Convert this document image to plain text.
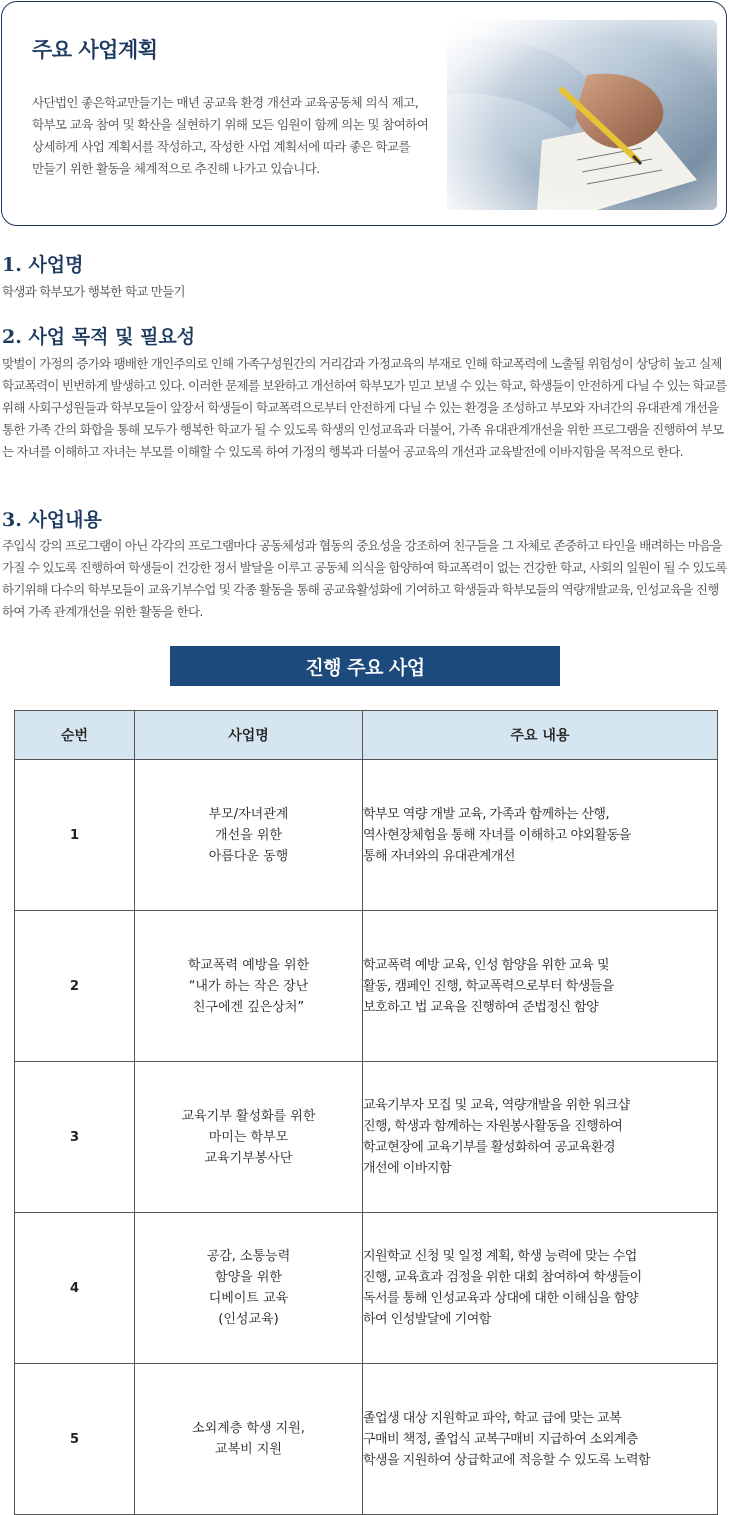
주요 사업계획

사단법인 좋은학교만들기는 매년 공교육 환경 개선과 교육공동체 의식 제고, 학부모 교육 참여 및 확산을 실현하기 위해 모든 임원이 함께 의논 및 참여하여 상세하게 사업 계획서를 작성하고, 작성한 사업 계획서에 따라 좋은 학교를 만들기 위한 활동을 체계적으로 추진해 나가고 있습니다.

1. 사업명

학생과 학부모가 행복한 학교 만들기

2. 사업 목적 및 필요성

맞벌이 가정의 증가와 팽배한 개인주의로 인해 가족구성원간의 거리감과 가정교육의 부재로 인해 학교폭력에 노출될 위험성이 상당히 높고 실제 학교폭력이 빈번하게 발생하고 있다. 이러한 문제를 보완하고 개선하여 학부모가 믿고 보낼 수 있는 학교, 학생들이 안전하게 다닐 수 있는 학교를 위해 사회구성원들과 학부모들이 앞장서 학생들이 학교폭력으로부터 안전하게 다닐 수 있는 환경을 조성하고 부모와 자녀간의 유대관계 개선을 통한 가족 간의 화합을 통해 모두가 행복한 학교가 될 수 있도록 학생의 인성교육과 더불어, 가족 유대관계개선을 위한 프로그램을 진행하여 부모는 자녀를 이해하고 자녀는 부모를 이해할 수 있도록 하여 가정의 행복과 더불어 공교육의 개선과 교육발전에 이바지함을 목적으로 한다.

3. 사업내용

주입식 강의 프로그램이 아닌 각각의 프로그램마다 공동체성과 협동의 중요성을 강조하여 친구들을 그 자체로 존중하고 타인을 배려하는 마음을 가질 수 있도록 진행하여 학생들이 건강한 정서 발달을 이루고 공동체 의식을 함양하여 학교폭력이 없는 건강한 학교, 사회의 일원이 될 수 있도록 하기위해 다수의 학부모들이 교육기부수업 및 각종 활동을 통해 공교육활성화에 기여하고 학생들과 학부모들의 역량개발교육, 인성교육을 진행하여 가족 관계개선을 위한 활동을 한다.

진행 주요 사업
순번	사업명	주요 내용
1	부모/자녀관계
개선을 위한
아름다운 동행	학부모 역량 개발 교육, 가족과 함께하는 산행,
역사현장체험을 통해 자녀를 이해하고 야외활동을
통해 자녀와의 유대관계개선
2	학교폭력 예방을 위한
“내가 하는 작은 장난
친구에겐 깊은상처”	학교폭력 예방 교육, 인성 함양을 위한 교육 및
활동, 캠페인 진행, 학교폭력으로부터 학생들을
보호하고 법 교육을 진행하여 준법정신 함양
3	교육기부 활성화를 위한
마미는 학부모
교육기부봉사단	교육기부자 모집 및 교육, 역량개발을 위한 워크샵
진행, 학생과 함께하는 자원봉사활동을 진행하여
학교현장에 교육기부를 활성화하여 공교육환경
개선에 이바지함
4	공감, 소통능력
함양을 위한
디베이트 교육
(인성교육)	지원학교 신청 및 일정 계획, 학생 능력에 맞는 수업
진행, 교육효과 검정을 위한 대회 참여하여 학생들이
독서를 통해 인성교육과 상대에 대한 이해심을 함양
하여 인성발달에 기여함
5	소외계층 학생 지원,
교복비 지원	졸업생 대상 지원학교 파악, 학교 급에 맞는 교복
구매비 책정, 졸업식 교복구매비 지급하여 소외계층
학생을 지원하여 상급학교에 적응할 수 있도록 노력함
